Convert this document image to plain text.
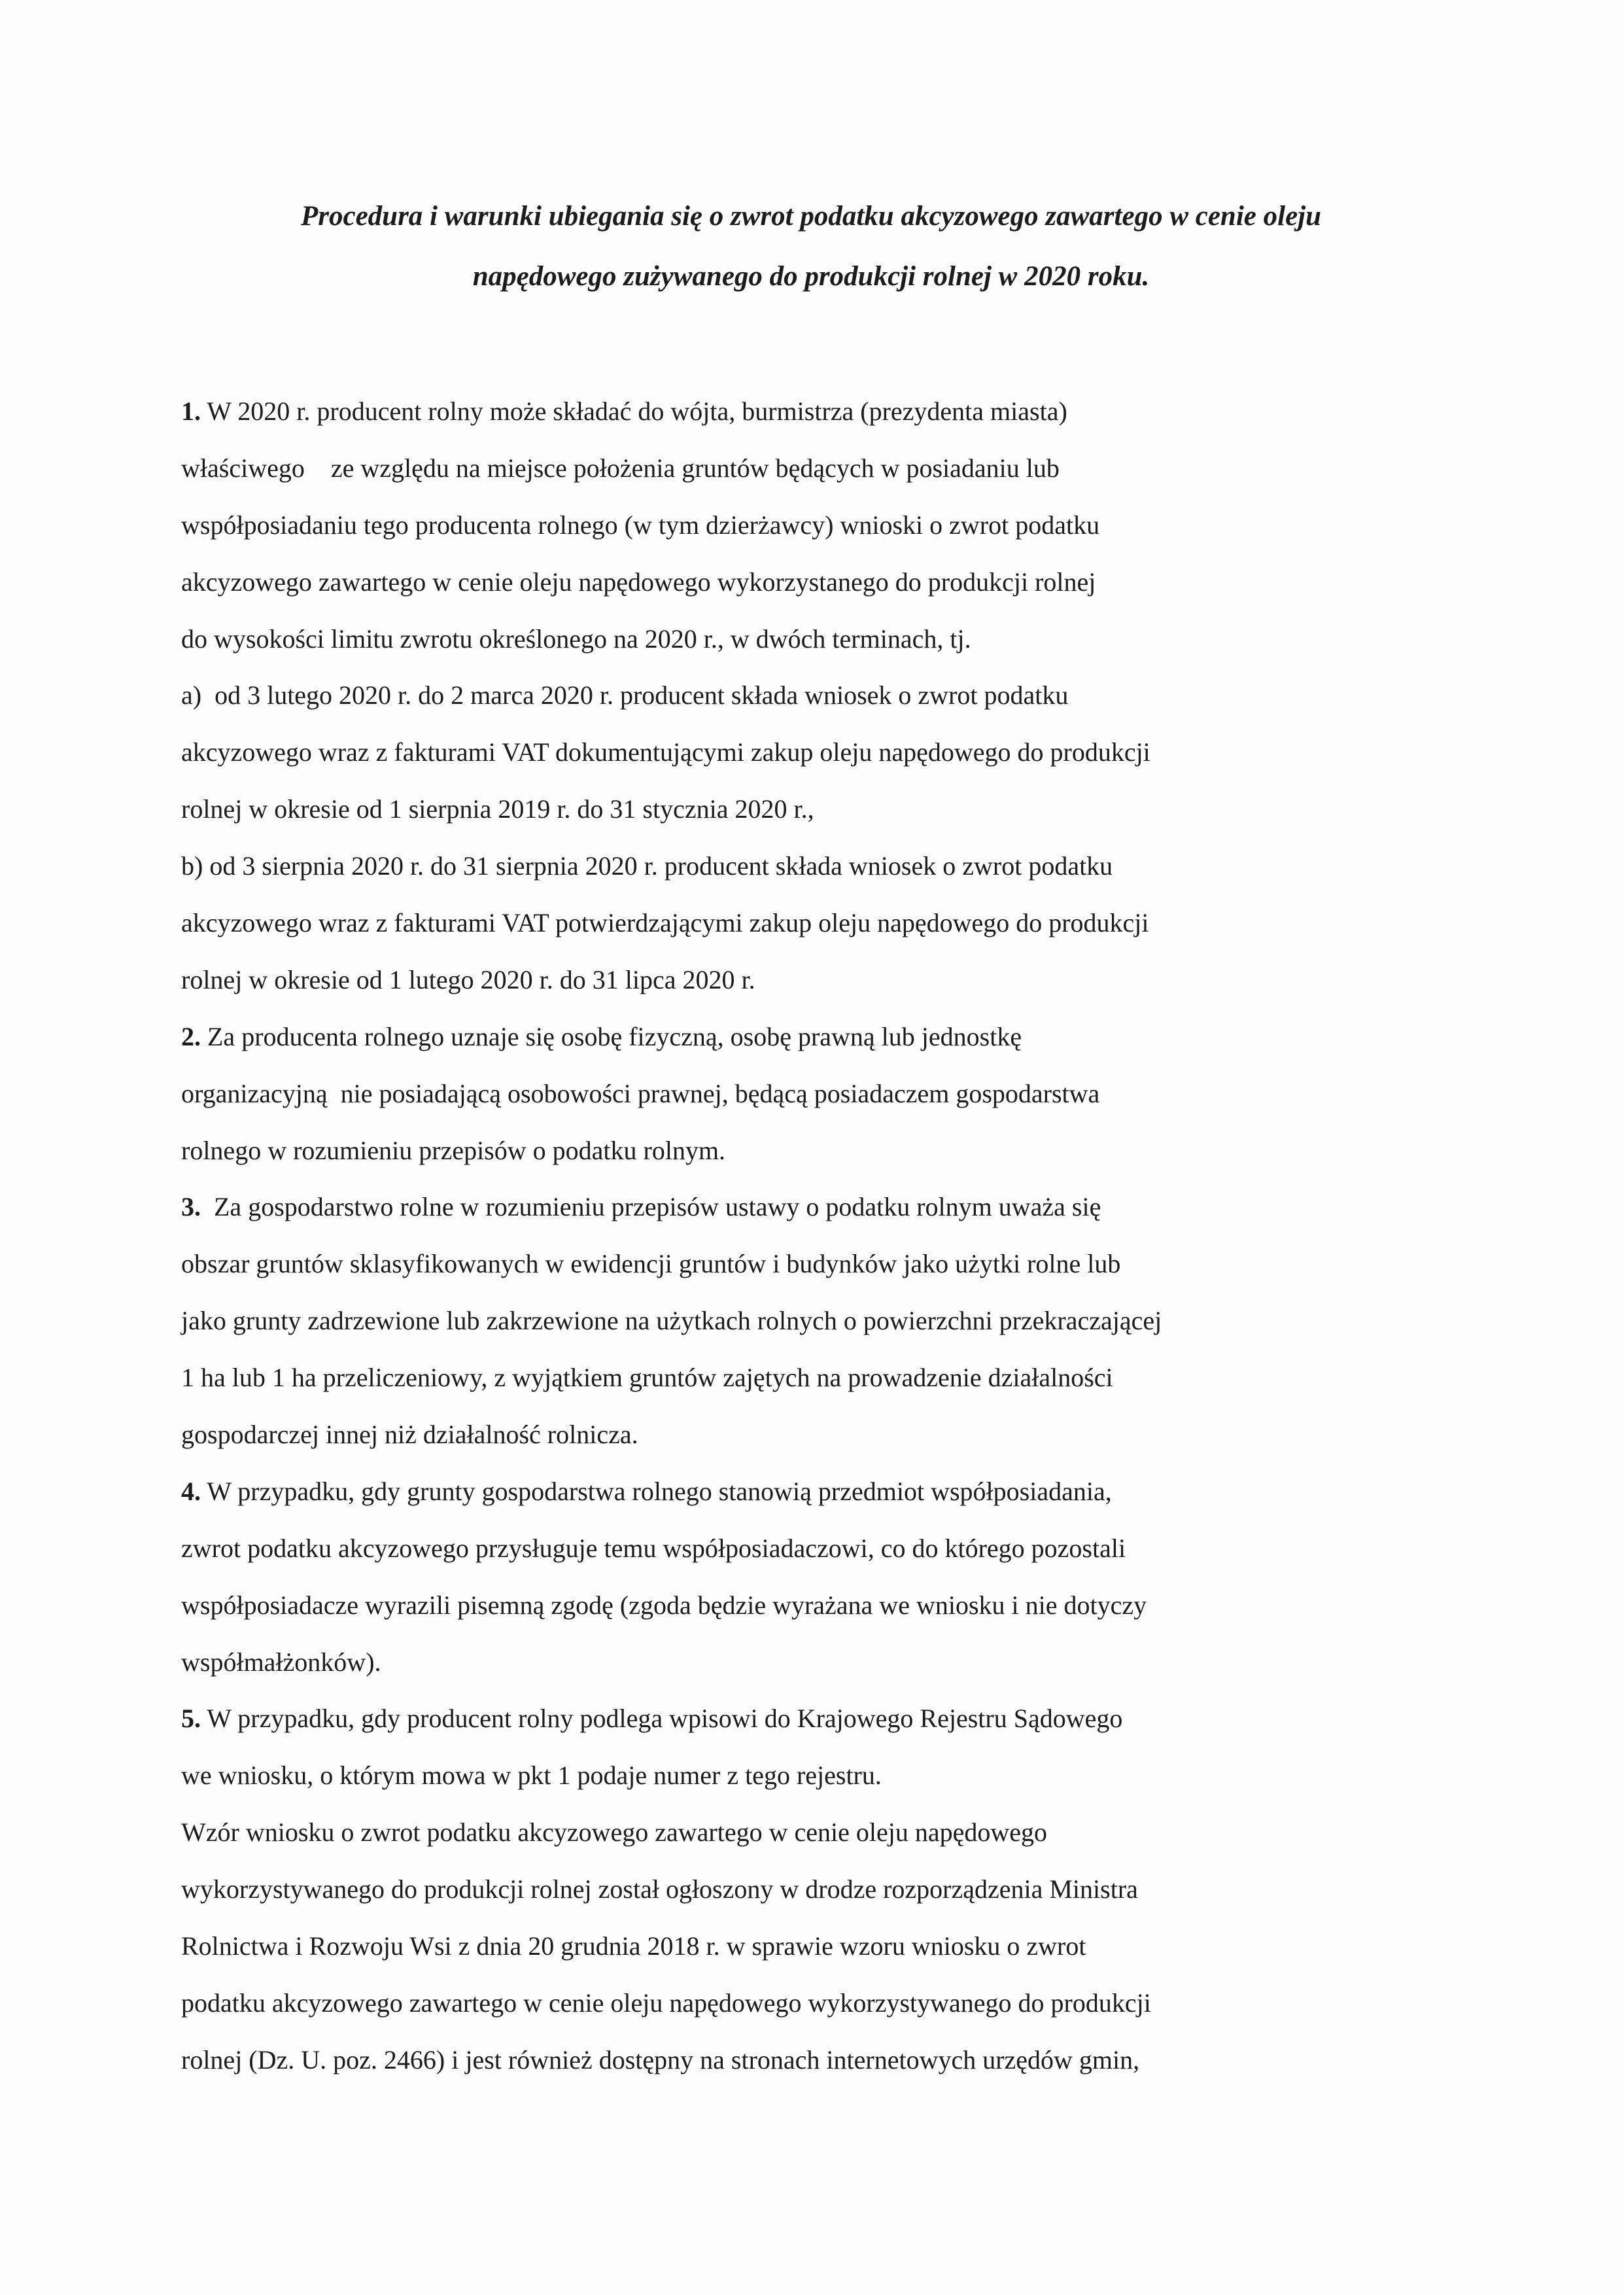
Procedura i warunki ubiegania się o zwrot podatku akcyzowego zawartego w cenie oleju
napędowego zużywanego do produkcji rolnej w 2020 roku.
1. W 2020 r. producent rolny może składać do wójta, burmistrza (prezydenta miasta)
właściwego    ze względu na miejsce położenia gruntów będących w posiadaniu lub
współposiadaniu tego producenta rolnego (w tym dzierżawcy) wnioski o zwrot podatku
akcyzowego zawartego w cenie oleju napędowego wykorzystanego do produkcji rolnej
do wysokości limitu zwrotu określonego na 2020 r., w dwóch terminach, tj.
a)  od 3 lutego 2020 r. do 2 marca 2020 r. producent składa wniosek o zwrot podatku
akcyzowego wraz z fakturami VAT dokumentującymi zakup oleju napędowego do produkcji
rolnej w okresie od 1 sierpnia 2019 r. do 31 stycznia 2020 r.,
b) od 3 sierpnia 2020 r. do 31 sierpnia 2020 r. producent składa wniosek o zwrot podatku
akcyzowego wraz z fakturami VAT potwierdzającymi zakup oleju napędowego do produkcji
rolnej w okresie od 1 lutego 2020 r. do 31 lipca 2020 r.
2. Za producenta rolnego uznaje się osobę fizyczną, osobę prawną lub jednostkę
organizacyjną  nie posiadającą osobowości prawnej, będącą posiadaczem gospodarstwa
rolnego w rozumieniu przepisów o podatku rolnym.
3.  Za gospodarstwo rolne w rozumieniu przepisów ustawy o podatku rolnym uważa się
obszar gruntów sklasyfikowanych w ewidencji gruntów i budynków jako użytki rolne lub
jako grunty zadrzewione lub zakrzewione na użytkach rolnych o powierzchni przekraczającej
1 ha lub 1 ha przeliczeniowy, z wyjątkiem gruntów zajętych na prowadzenie działalności
gospodarczej innej niż działalność rolnicza.
4. W przypadku, gdy grunty gospodarstwa rolnego stanowią przedmiot współposiadania,
zwrot podatku akcyzowego przysługuje temu współposiadaczowi, co do którego pozostali
współposiadacze wyrazili pisemną zgodę (zgoda będzie wyrażana we wniosku i nie dotyczy
współmałżonków).
5. W przypadku, gdy producent rolny podlega wpisowi do Krajowego Rejestru Sądowego
we wniosku, o którym mowa w pkt 1 podaje numer z tego rejestru.
Wzór wniosku o zwrot podatku akcyzowego zawartego w cenie oleju napędowego
wykorzystywanego do produkcji rolnej został ogłoszony w drodze rozporządzenia Ministra
Rolnictwa i Rozwoju Wsi z dnia 20 grudnia 2018 r. w sprawie wzoru wniosku o zwrot
podatku akcyzowego zawartego w cenie oleju napędowego wykorzystywanego do produkcji
rolnej (Dz. U. poz. 2466) i jest również dostępny na stronach internetowych urzędów gmin,
